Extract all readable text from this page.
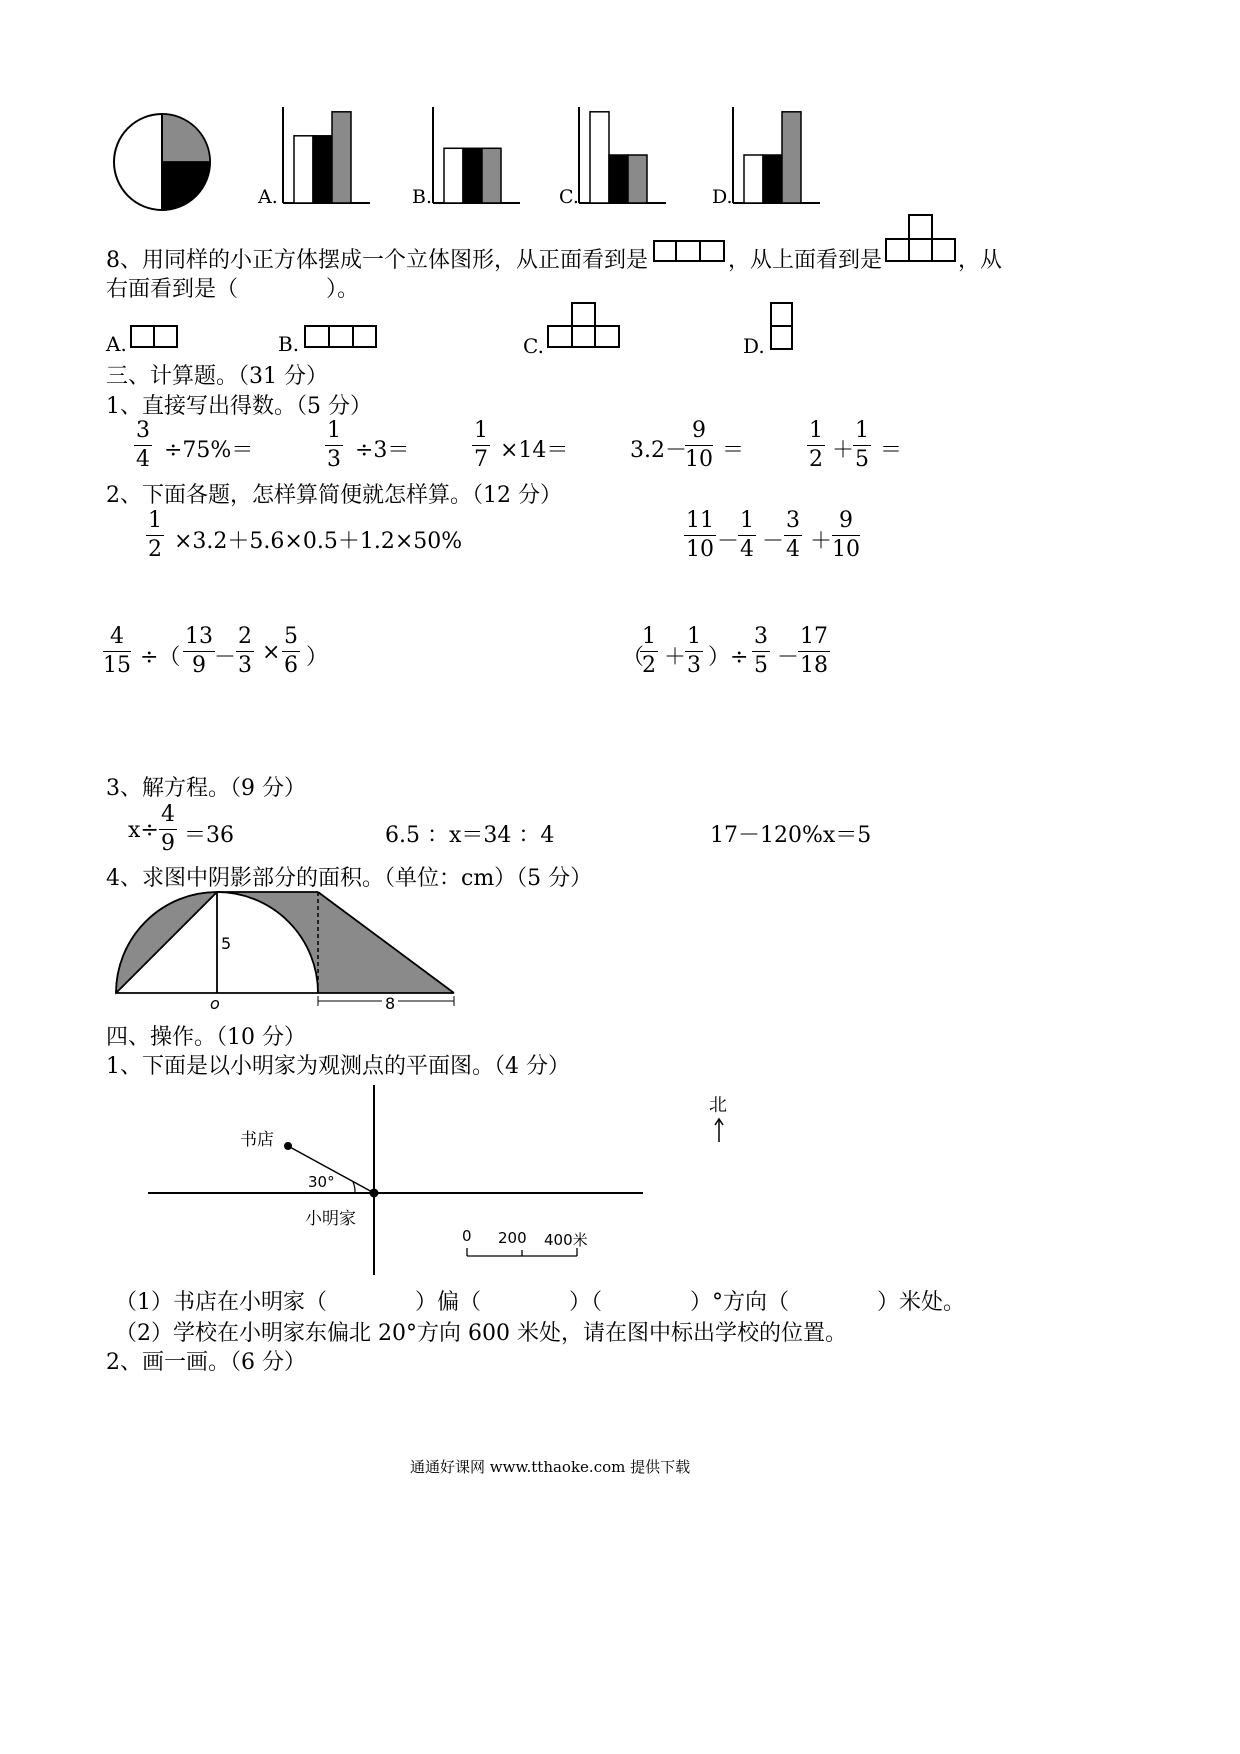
A.	B.	C.	D.
8、用同样的小正方体摆成一个立体图形，从正面看到是	，从上面看到是	，从
右面看到是（　　　　）。
A.	B.	C.	D.
三、计算题。（31 分）
1、直接写出得数。（5 分）
$\frac{3}{4} \div 75\%=$	$\frac{1}{3} \div 3=$	$\frac{1}{7} \times 14=$	3.2－
$\frac{9}{10}$ ＝	$\frac{1}{2}$ ＋
$\frac{1}{5}$ ＝
2、下面各题，怎样算简便就怎样算。（12 分）
$\frac{1}{2} \times 3.2+5.6\times 0.5+1.2\times 50\%$	$\frac{11}{10}$ －
$\frac{1}{4} - \frac{3}{4} + \frac{9}{10}$
$\frac{4}{15}$ ÷（ $\frac{13}{9} - \frac{2}{3} \times \frac{5}{6}$ ）	（
$\frac{1}{2}$ ＋
$\frac{1}{3}$ ）÷ $\frac{3}{5}$ －
$\frac{17}{18}$
3、解方程。（9 分）
$x\div \frac{4}{9} =36$	6.5 ：x＝34 ：4	17－120%x＝5
4、求图中阴影部分的面积。（单位：cm）（5 分）
5
o	8
四、操作。（10 分）
1、下面是以小明家为观测点的平面图。（4 分）
书店
30°
小明家
北
0 200 400米
（1）书店在小明家（　　　　）偏（　　　　）（　　　　）°方向（　　　　）米处。
（2）学校在小明家东偏北 20°方向 600 米处，请在图中标出学校的位置。
2、画一画。（6 分）
通通好课网 www.tthaoke.com 提供下载
